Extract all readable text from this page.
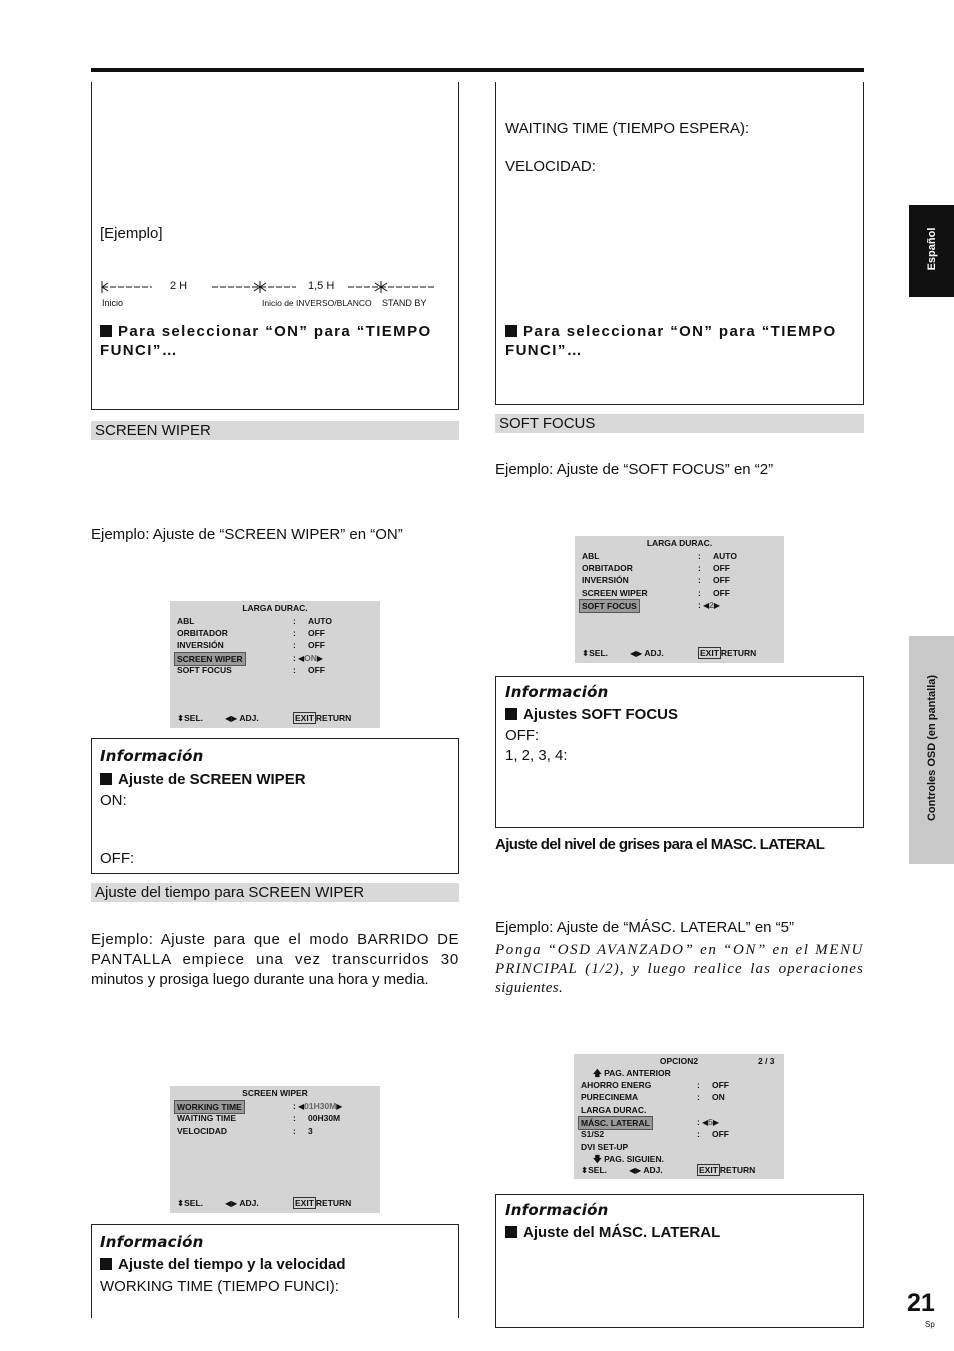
[Ejemplo]
2 H	1,5 H
Inicio	Inicio de INVERSO/BLANCO STAND BY
Para seleccionar “ON” para “TIEMPO FUNCI”…
SCREEN WIPER
Ejemplo: Ajuste de “SCREEN WIPER” en “ON”
LARGA DURAC.
ABL	: AUTO
ORBITADOR	: OFF
INVERSIÓN	: OFF
SCREEN WIPER	: ◀ON▶
SOFT FOCUS	: OFF
⬍SEL.	◀▶ ADJ.	EXIT RETURN
Información
Ajuste de SCREEN WIPER
ON:
OFF:
Ajuste del tiempo para SCREEN WIPER
Ejemplo: Ajuste para que el modo BARRIDO DE
PANTALLA empiece una vez transcurridos 30
minutos y prosiga luego durante una hora y media.
SCREEN WIPER
WORKING TIME	: ◀01H30M▶
WAITING TIME	: 00H30M
VELOCIDAD	: 3
⬍SEL.	◀▶ ADJ.	EXIT RETURN
Información
Ajuste del tiempo y la velocidad
WORKING TIME (TIEMPO FUNCI):
WAITING TIME (TIEMPO ESPERA):
VELOCIDAD:
Para seleccionar “ON” para “TIEMPO FUNCI”…
SOFT FOCUS
Ejemplo: Ajuste de “SOFT FOCUS” en “2”
LARGA DURAC.
ABL	: AUTO
ORBITADOR	: OFF
INVERSIÓN	: OFF
SCREEN WIPER	: OFF
SOFT FOCUS	: ◀2▶
⬍SEL.	◀▶ ADJ.	EXIT RETURN
Información
Ajustes SOFT FOCUS
OFF:
1, 2, 3, 4:
Ajuste del nivel de grises para el MASC. LATERAL
Ejemplo: Ajuste de “MÁSC. LATERAL” en “5”
Ponga “OSD AVANZADO” en “ON” en el MENU
PRINCIPAL (1/2), y luego realice las operaciones
siguientes.
OPCION2	2 / 3
🡅 PAG. ANTERIOR
AHORRO ENERG	: OFF
PURECINEMA	: ON
LARGA DURAC.
MÁSC. LATERAL	: ◀5▶
S1/S2	: OFF
DVI SET-UP
🡇 PAG. SIGUIEN.
⬍SEL.	◀▶ ADJ.	EXIT RETURN
Información
Ajuste del MÁSC. LATERAL
Español
Controles OSD (en pantalla)
21
Sp
